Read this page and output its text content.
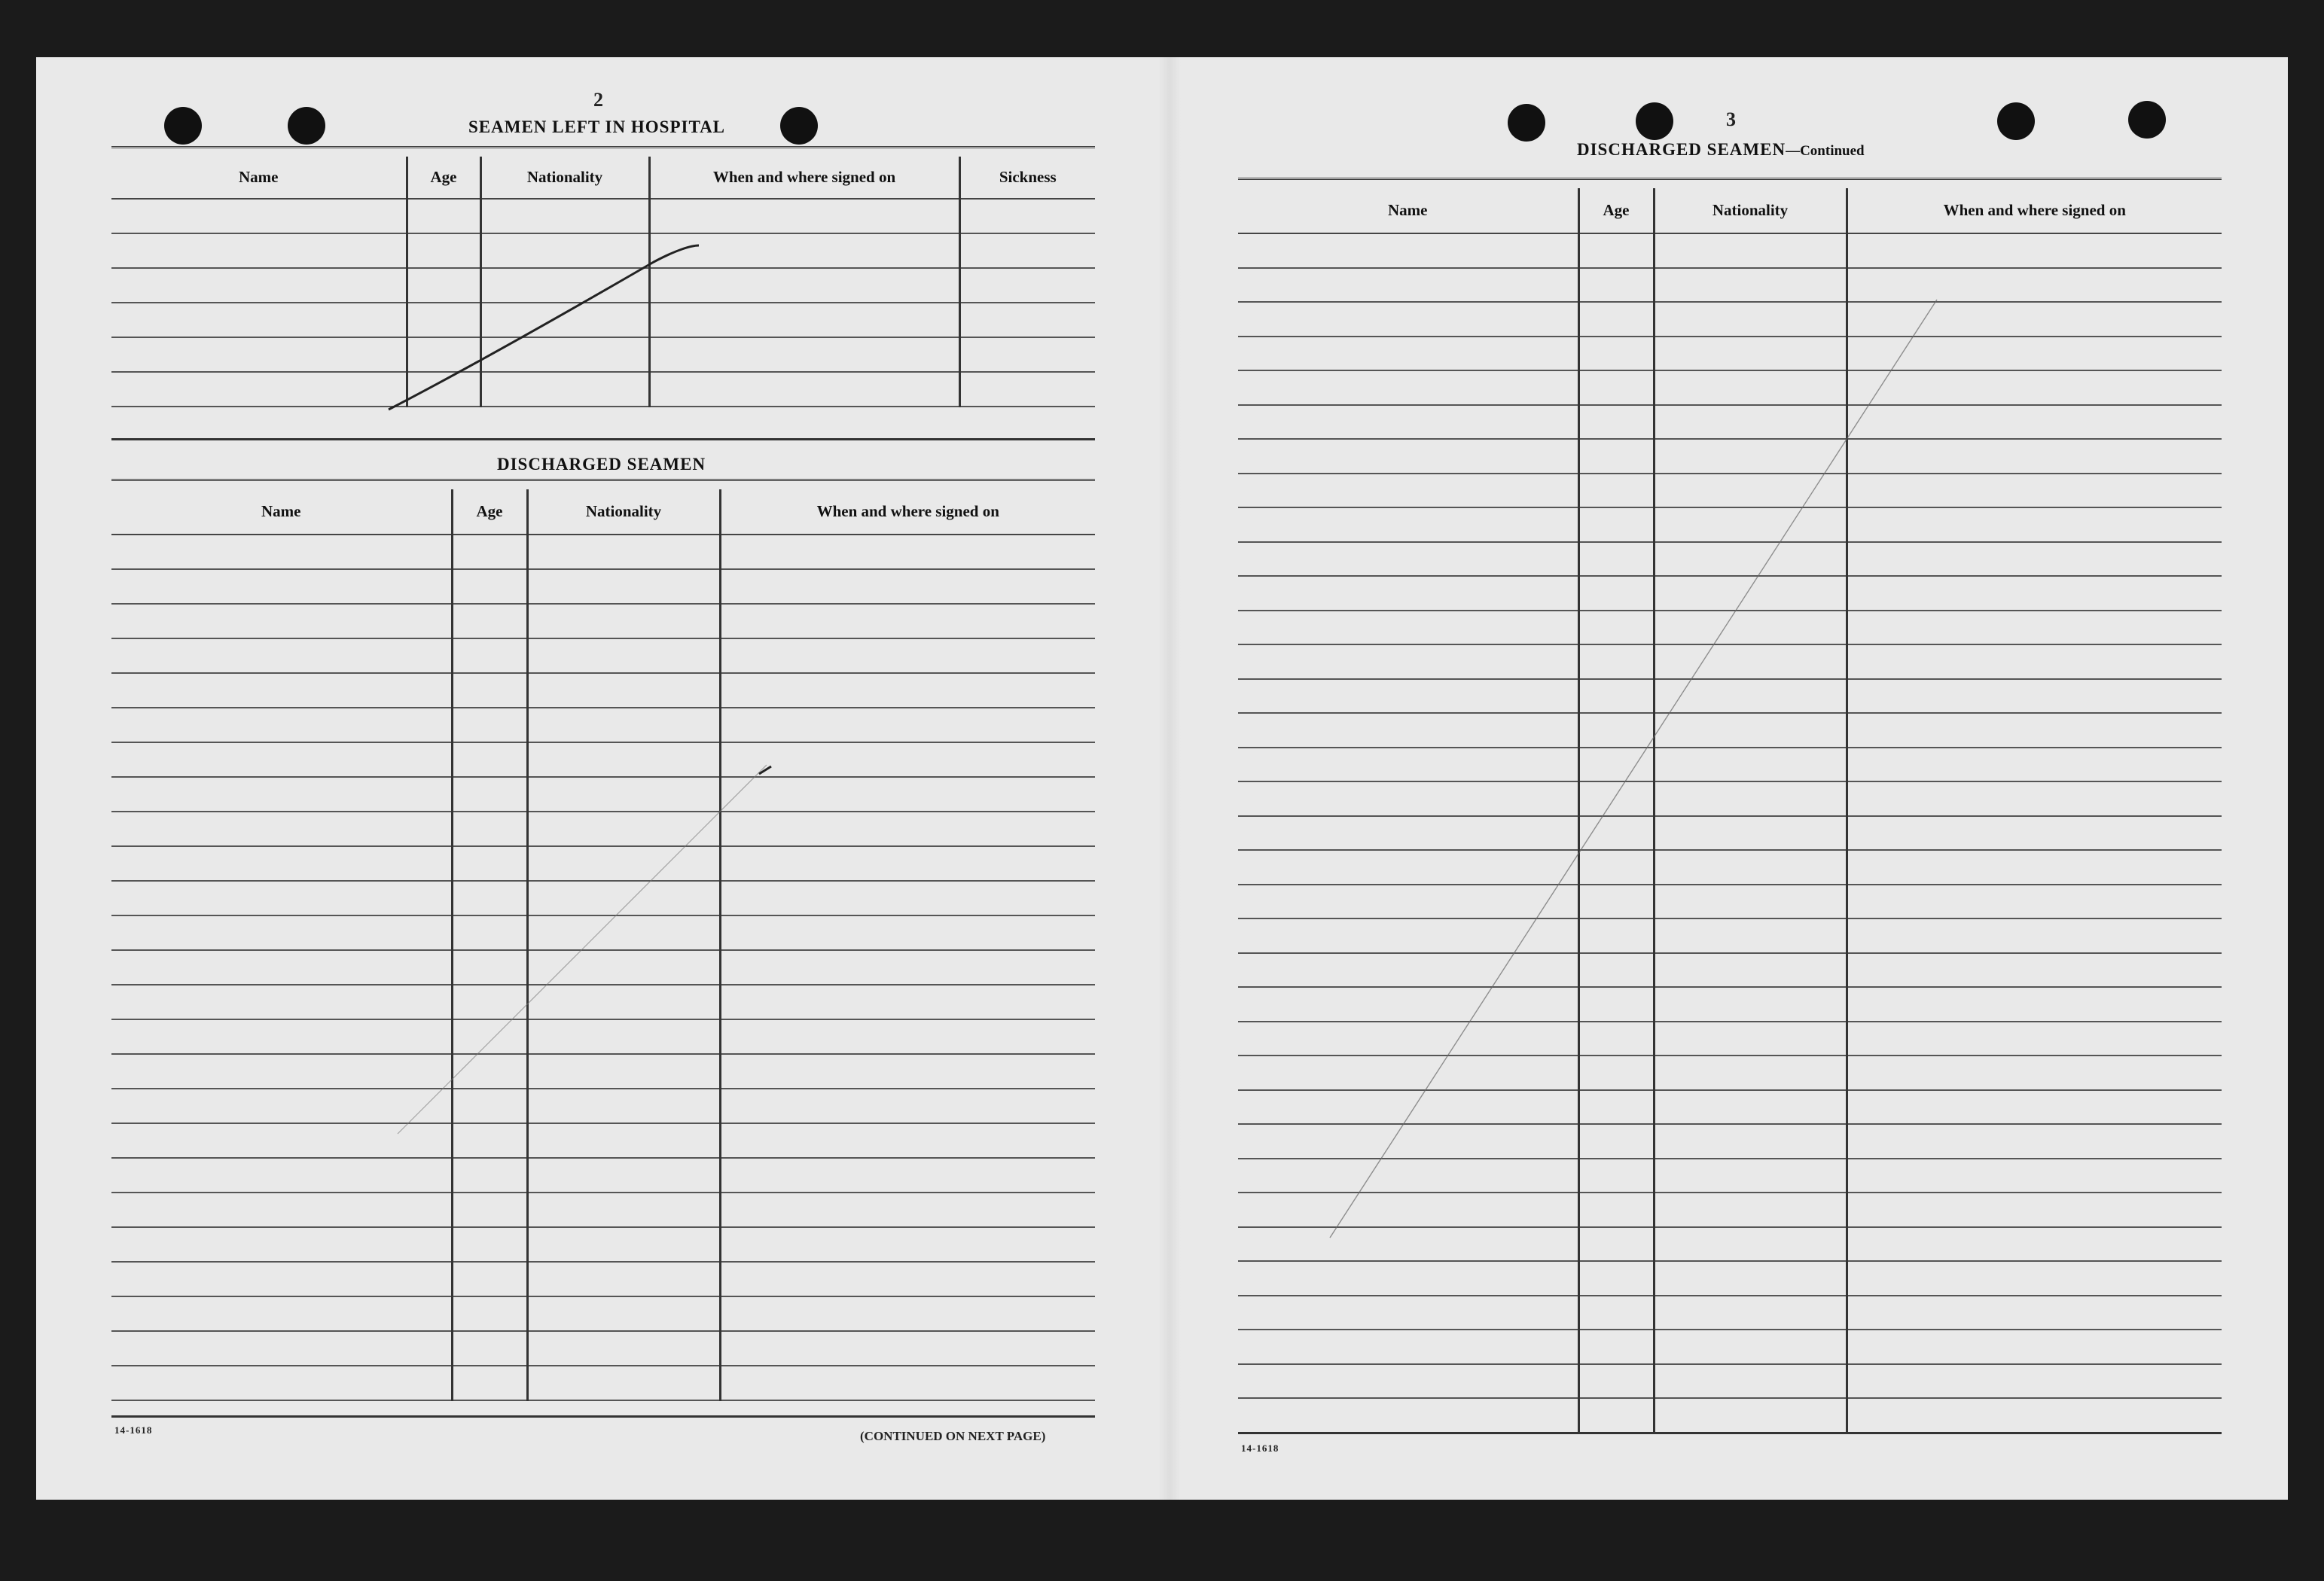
2
SEAMEN LEFT IN HOSPITAL
Name	Age	Nationality	When and where signed on	Sickness

DISCHARGED SEAMEN
Name	Age	Nationality	When and where signed on

14-1618	(CONTINUED ON NEXT PAGE)
3
DISCHARGED SEAMEN—Continued
Name	Age	Nationality	When and where signed on

14-1618
